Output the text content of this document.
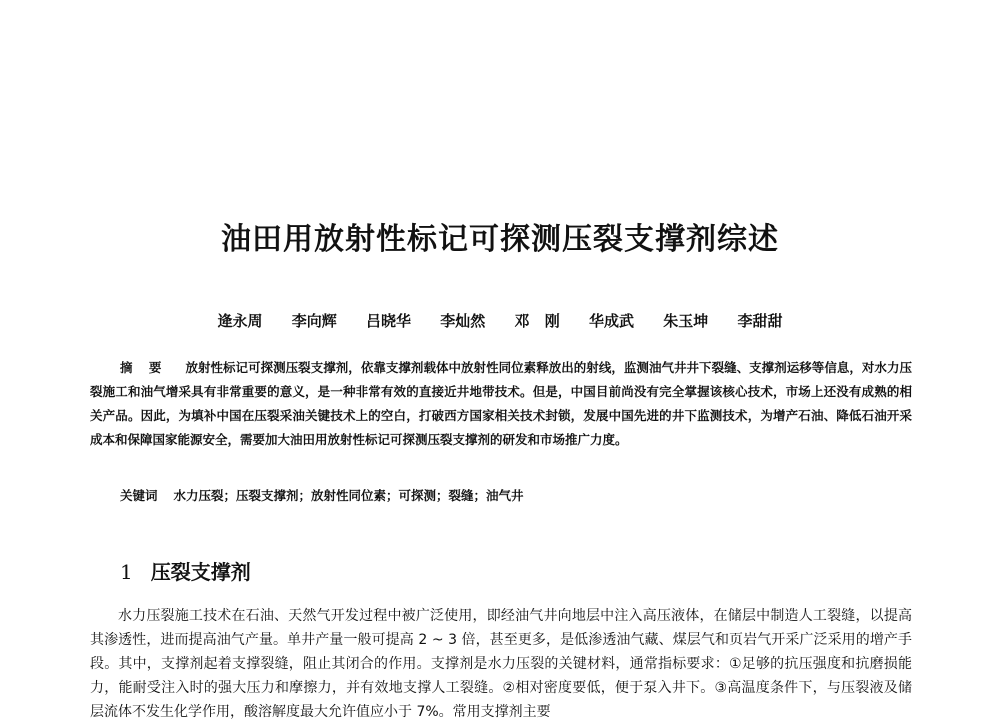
油田用放射性标记可探测压裂支撑剂综述
逄永周 李向辉 吕晓华 李灿然 邓 刚 华成武 朱玉坤 李甜甜
摘 要 放射性标记可探测压裂支撑剂，依靠支撑剂载体中放射性同位素释放出的射线，监测油气井井下裂缝、支撑剂运移等信息，对水力压裂施工和油气增采具有非常重要的意义，是一种非常有效的直接近井地带技术。但是，中国目前尚没有完全掌握该核心技术，市场上还没有成熟的相关产品。因此，为填补中国在压裂采油关键技术上的空白，打破西方国家相关技术封锁，发展中国先进的井下监测技术，为增产石油、降低石油开采成本和保障国家能源安全，需要加大油田用放射性标记可探测压裂支撑剂的研发和市场推广力度。
关键词 水力压裂；压裂支撑剂；放射性同位素；可探测；裂缝；油气井
1 压裂支撑剂
水力压裂施工技术在石油、天然气开发过程中被广泛使用，即经油气井向地层中注入高压液体，在储层中制造人工裂缝，以提高其渗透性，进而提高油气产量。单井产量一般可提高 2 ~ 3 倍，甚至更多，是低渗透油气藏、煤层气和页岩气开采广泛采用的增产手段。其中，支撑剂起着支撑裂缝，阻止其闭合的作用。支撑剂是水力压裂的关键材料，通常指标要求：①足够的抗压强度和抗磨损能力，能耐受注入时的强大压力和摩擦力，并有效地支撑人工裂缝。②相对密度要低，便于泵入井下。③高温度条件下，与压裂液及储层流体不发生化学作用，酸溶解度最大允许值应小于 7%。常用支撑剂主要
